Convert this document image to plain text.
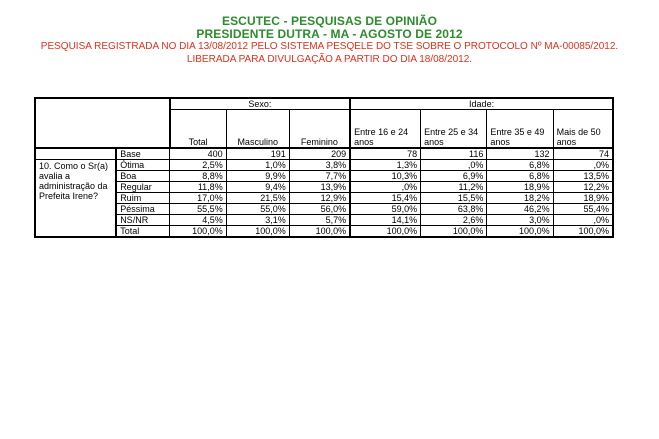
ESCUTEC - PESQUISAS DE OPINIÃO
PRESIDENTE DUTRA - MA - AGOSTO DE 2012
PESQUISA REGISTRADA NO DIA 13/08/2012 PELO SISTEMA PESQELE DO TSE SOBRE O PROTOCOLO Nº MA-00085/2012.
LIBERADA PARA DIVULGAÇÃO A PARTIR DO DIA 18/08/2012.
		Sexo:			Idade:			
		Total	Masculino	Feminino	Entre 16 e 24 anos	Entre 25 e 34 anos	Entre 35 e 49 anos	Mais de 50 anos
	Base	400	191	209	78	116	132	74
10. Como o Sr(a) avalia a administração da Prefeita Irene?	Ótima	2,5%	1,0%	3,8%	1,3%	,0%	6,8%	,0%
	Boa	8,8%	9,9%	7,7%	10,3%	6,9%	6,8%	13,5%
	Regular	11,8%	9,4%	13,9%	,0%	11,2%	18,9%	12,2%
	Ruim	17,0%	21,5%	12,9%	15,4%	15,5%	18,2%	18,9%
	Péssima	55,5%	55,0%	56,0%	59,0%	63,8%	46,2%	55,4%
	NS/NR	4,5%	3,1%	5,7%	14,1%	2,6%	3,0%	,0%
	Total	100,0%	100,0%	100,0%	100,0%	100,0%	100,0%	100,0%
